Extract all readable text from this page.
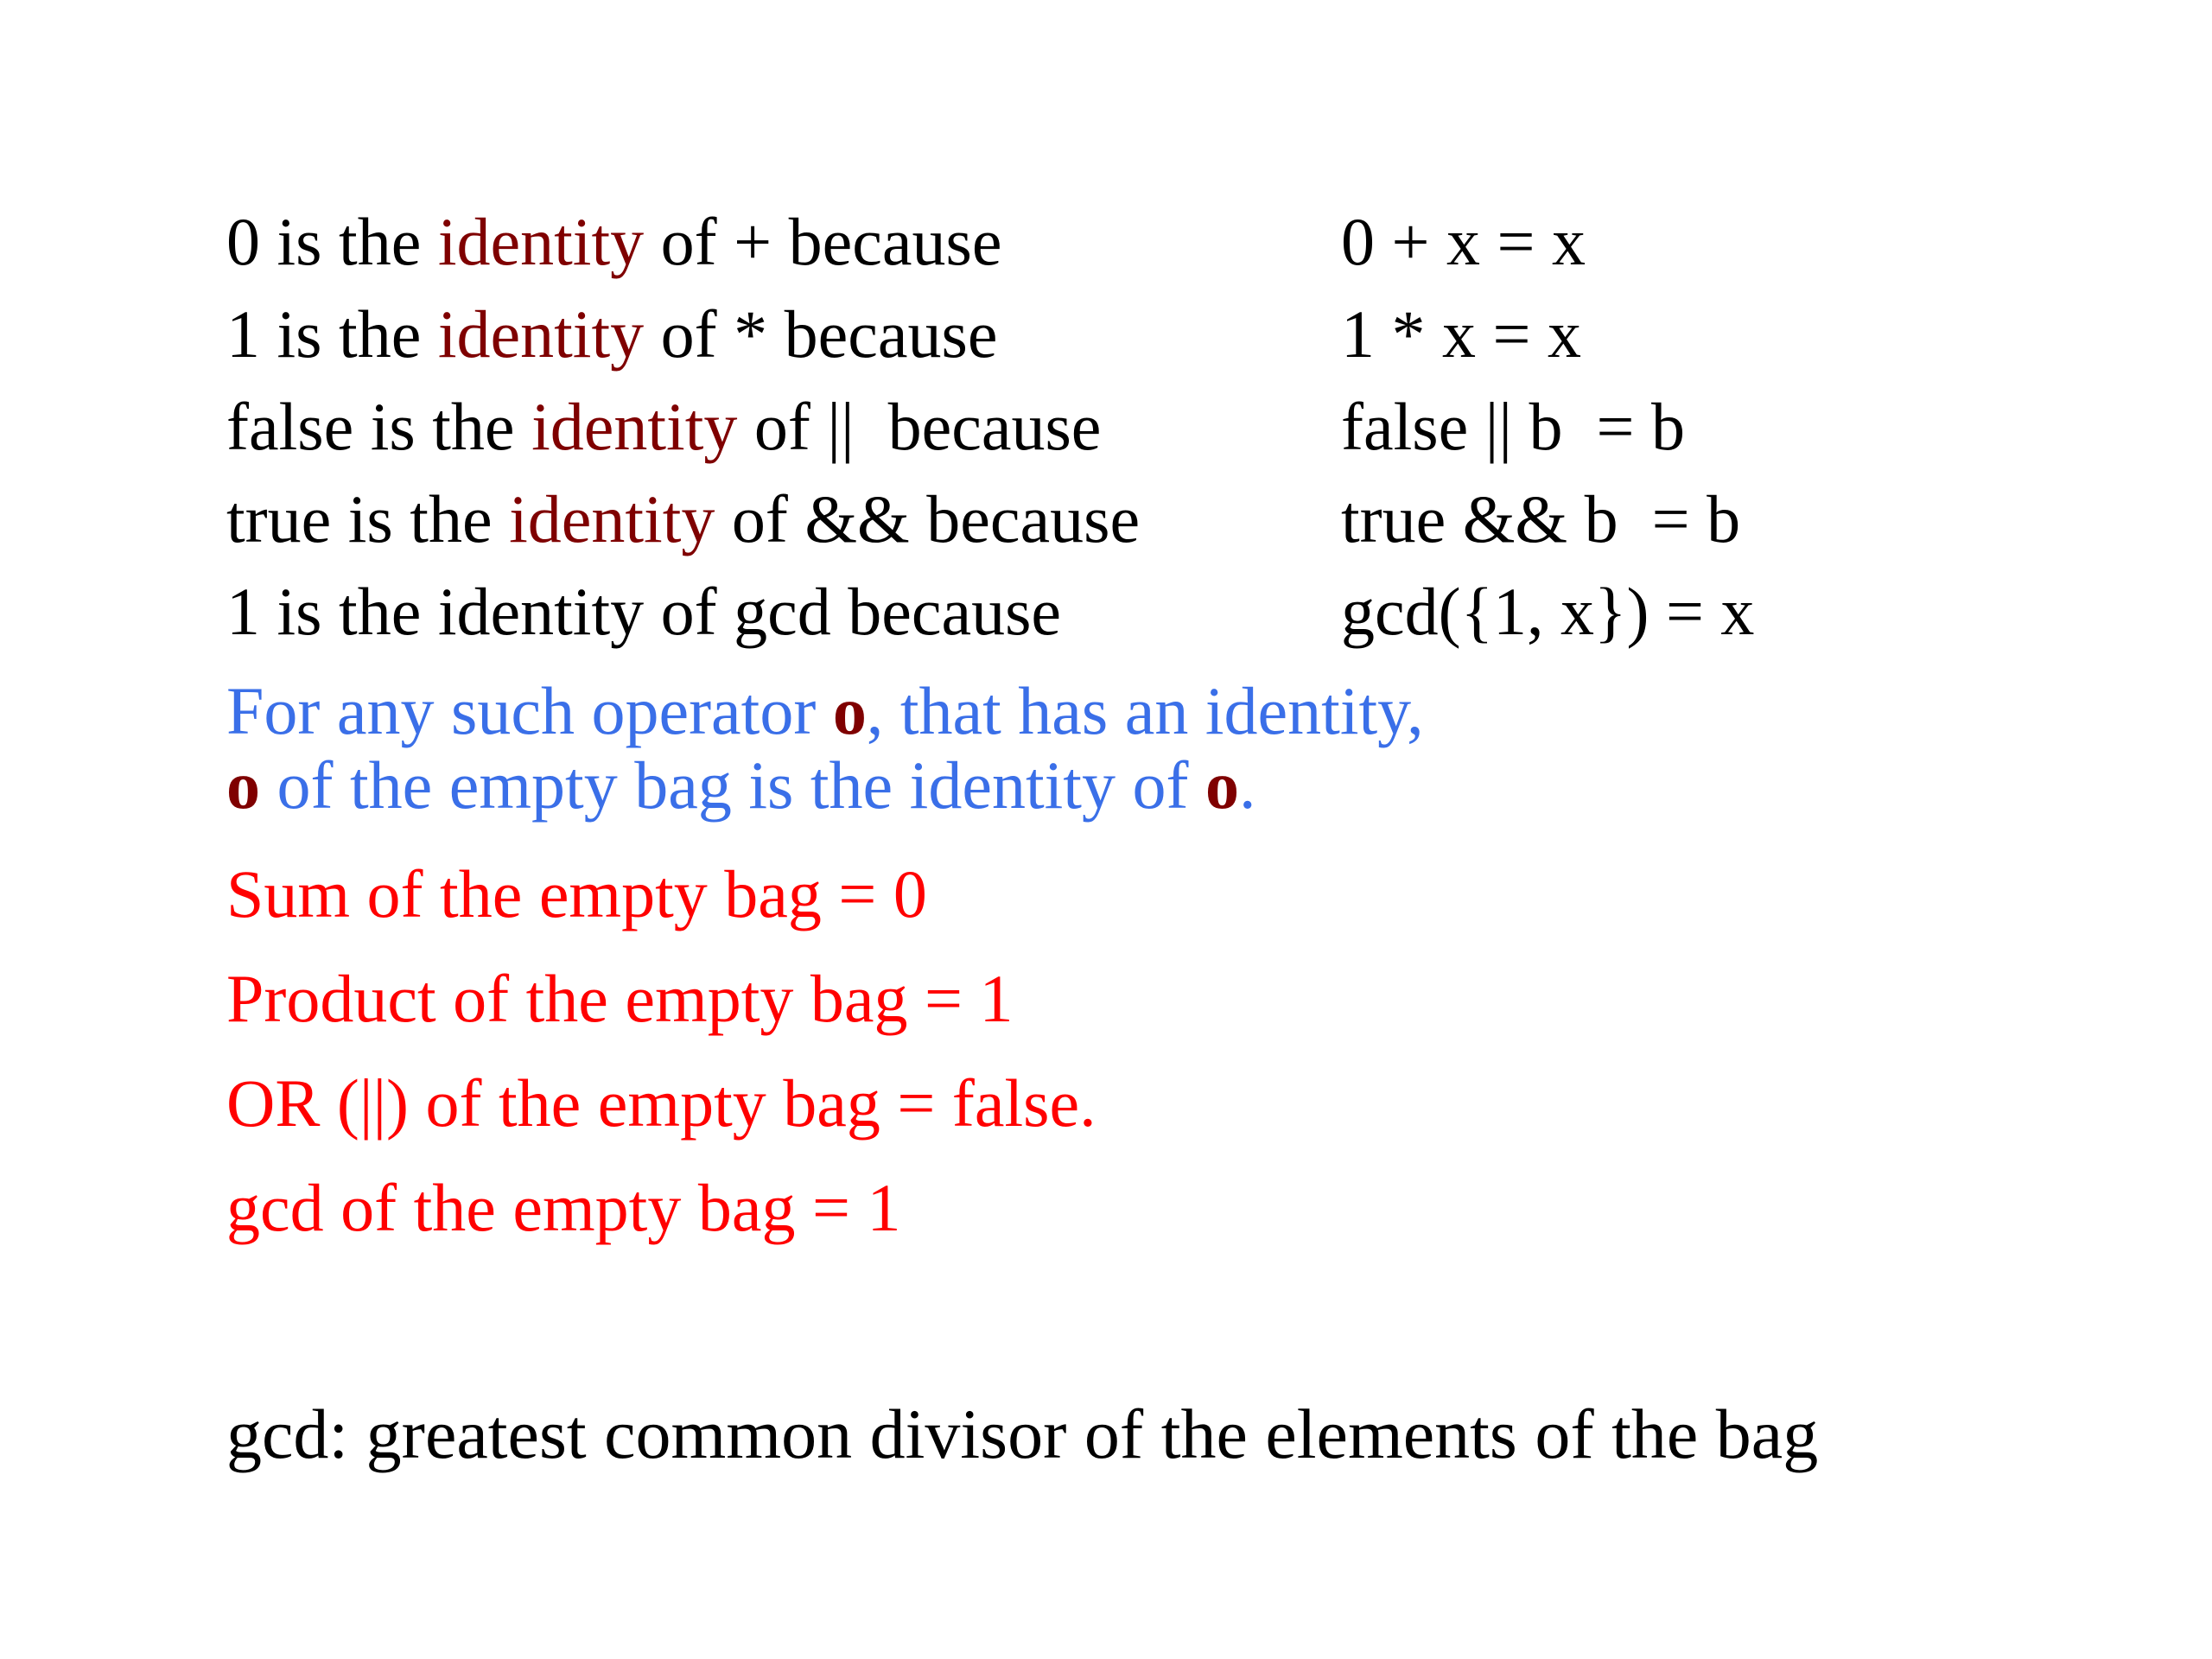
0 is the identity of + because	0 + x = x
1 is the identity of * because	1 * x = x
false is the identity of ||  because	false || b  = b
true is the identity of && because	true && b  = b
1 is the identity of gcd because	gcd({1, x}) = x
For any such operator o, that has an identity,
o of the empty bag is the identity of o.
Sum of the empty bag = 0
Product of the empty bag = 1
OR (||) of the empty bag = false.
gcd of the empty bag = 1
gcd: greatest common divisor of the elements of the bag
